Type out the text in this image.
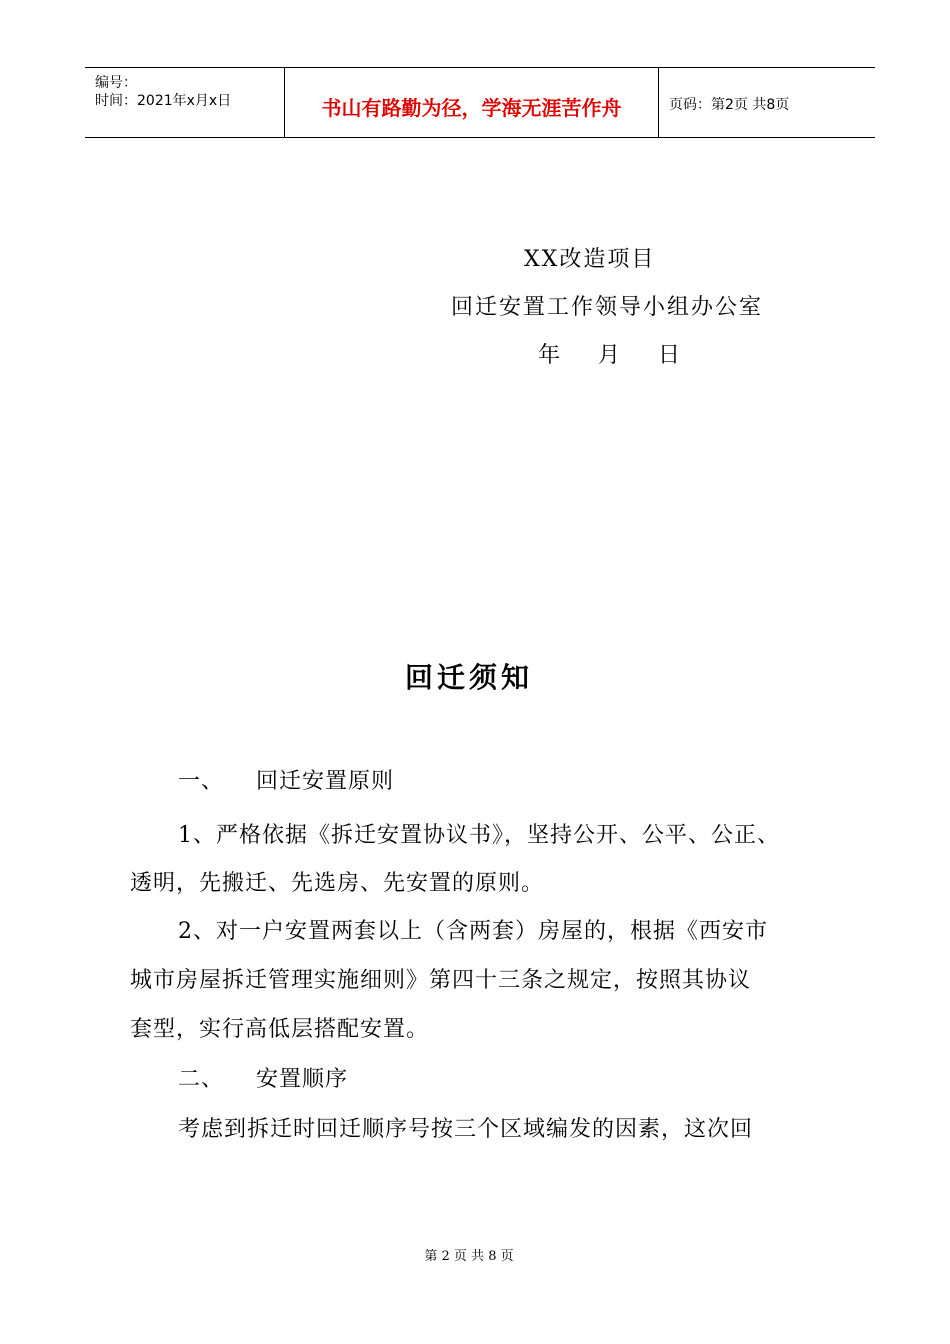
编号：
时间：2021年x月x日	书山有路勤为径，学海无涯苦作舟	页码：第2页 共8页
XX改造项目
回迁安置工作领导小组办公室
年    月    日
回迁须知
一、 回迁安置原则
1、严格依据《拆迁安置协议书》，坚持公开、公平、公正、
透明，先搬迁、先选房、先安置的原则。
2、对一户安置两套以上（含两套）房屋的，根据《西安市
城市房屋拆迁管理实施细则》第四十三条之规定，按照其协议
套型，实行高低层搭配安置。
二、 安置顺序
考虑到拆迁时回迁顺序号按三个区域编发的因素，这次回
第 2 页 共 8 页
